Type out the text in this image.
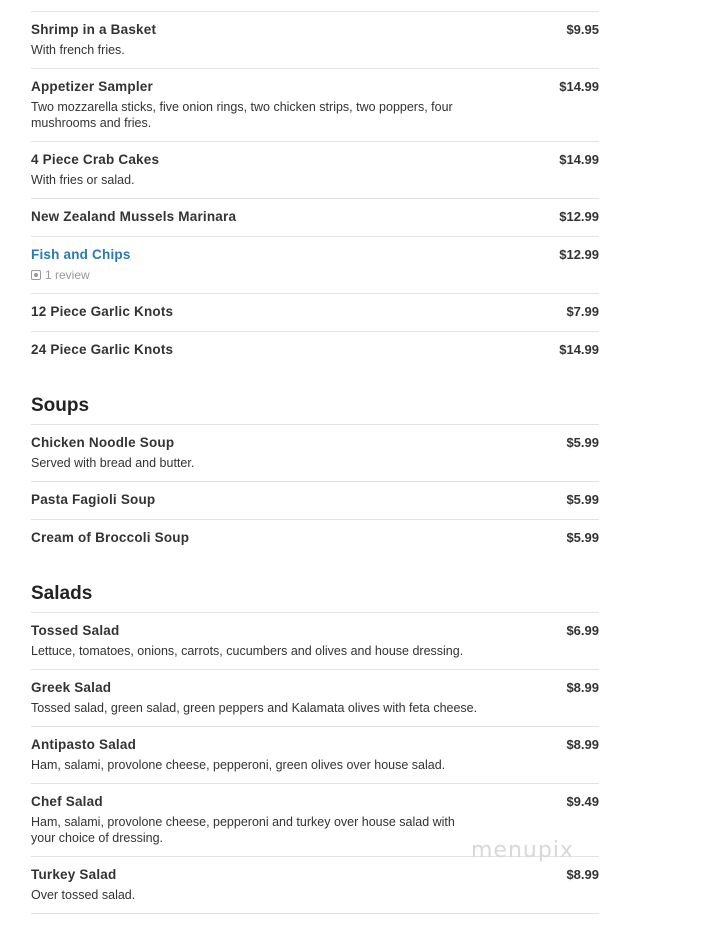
Shrimp in a Basket	$9.95
With french fries.
Appetizer Sampler	$14.99
Two mozzarella sticks, five onion rings, two chicken strips, two poppers, four mushrooms and fries.
4 Piece Crab Cakes	$14.99
With fries or salad.
New Zealand Mussels Marinara	$12.99
Fish and Chips	$12.99
1 review
12 Piece Garlic Knots	$7.99
24 Piece Garlic Knots	$14.99
Soups
Chicken Noodle Soup	$5.99
Served with bread and butter.
Pasta Fagioli Soup	$5.99
Cream of Broccoli Soup	$5.99
Salads
Tossed Salad	$6.99
Lettuce, tomatoes, onions, carrots, cucumbers and olives and house dressing.
Greek Salad	$8.99
Tossed salad, green salad, green peppers and Kalamata olives with feta cheese.
Antipasto Salad	$8.99
Ham, salami, provolone cheese, pepperoni, green olives over house salad.
Chef Salad	$9.49
Ham, salami, provolone cheese, pepperoni and turkey over house salad with your choice of dressing.
Turkey Salad	$8.99
Over tossed salad.
menupix
